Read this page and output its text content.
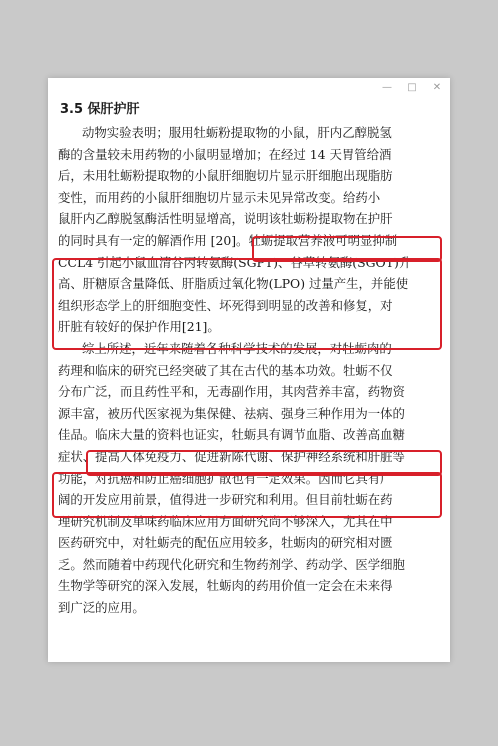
—	□	✕
3.5 保肝护肝
动物实验表明；服用牡蛎粉提取物的小鼠，肝内乙醇脱氢
酶的含量较未用药物的小鼠明显增加；在经过 14 天胃管给酒
后，未用牡蛎粉提取物的小鼠肝细胞切片显示肝细胞出现脂肪
变性，而用药的小鼠肝细胞切片显示未见异常改变。给药小
鼠肝内乙醇脱氢酶活性明显增高，说明该牡蛎粉提取物在护肝
的同时具有一定的解酒作用 [20]。牡蛎提取营养液可明显抑制
CCL4 引起小鼠血清谷丙转氨酶(SGPT)、谷草转氨酶(SGOT)升
高、肝糖原含量降低、肝脂质过氧化物(LPO) 过量产生，并能使
组织形态学上的肝细胞变性、坏死得到明显的改善和修复，对
肝脏有较好的保护作用[21]。
综上所述，近年来随着各种科学技术的发展，对牡蛎肉的
药理和临床的研究已经突破了其在古代的基本功效。牡蛎不仅
分布广泛，而且药性平和，无毒副作用，其肉营养丰富，药物资
源丰富，被历代医家视为集保健、祛病、强身三种作用为一体的
佳品。临床大量的资料也证实，牡蛎具有调节血脂、改善高血糖
症状、提高人体免疫力、促进新陈代谢、保护神经系统和肝脏等
功能，对抗癌和防止癌细胞扩散也有一定效果。因而它具有广
阔的开发应用前景，值得进一步研究和利用。但目前牡蛎在药
理研究机制及单味药临床应用方面研究尚不够深入，尤其在中
医药研究中，对牡蛎壳的配伍应用较多，牡蛎肉的研究相对匮
乏。然而随着中药现代化研究和生物药剂学、药动学、医学细胞
生物学等研究的深入发展，牡蛎肉的药用价值一定会在未来得
到广泛的应用。
